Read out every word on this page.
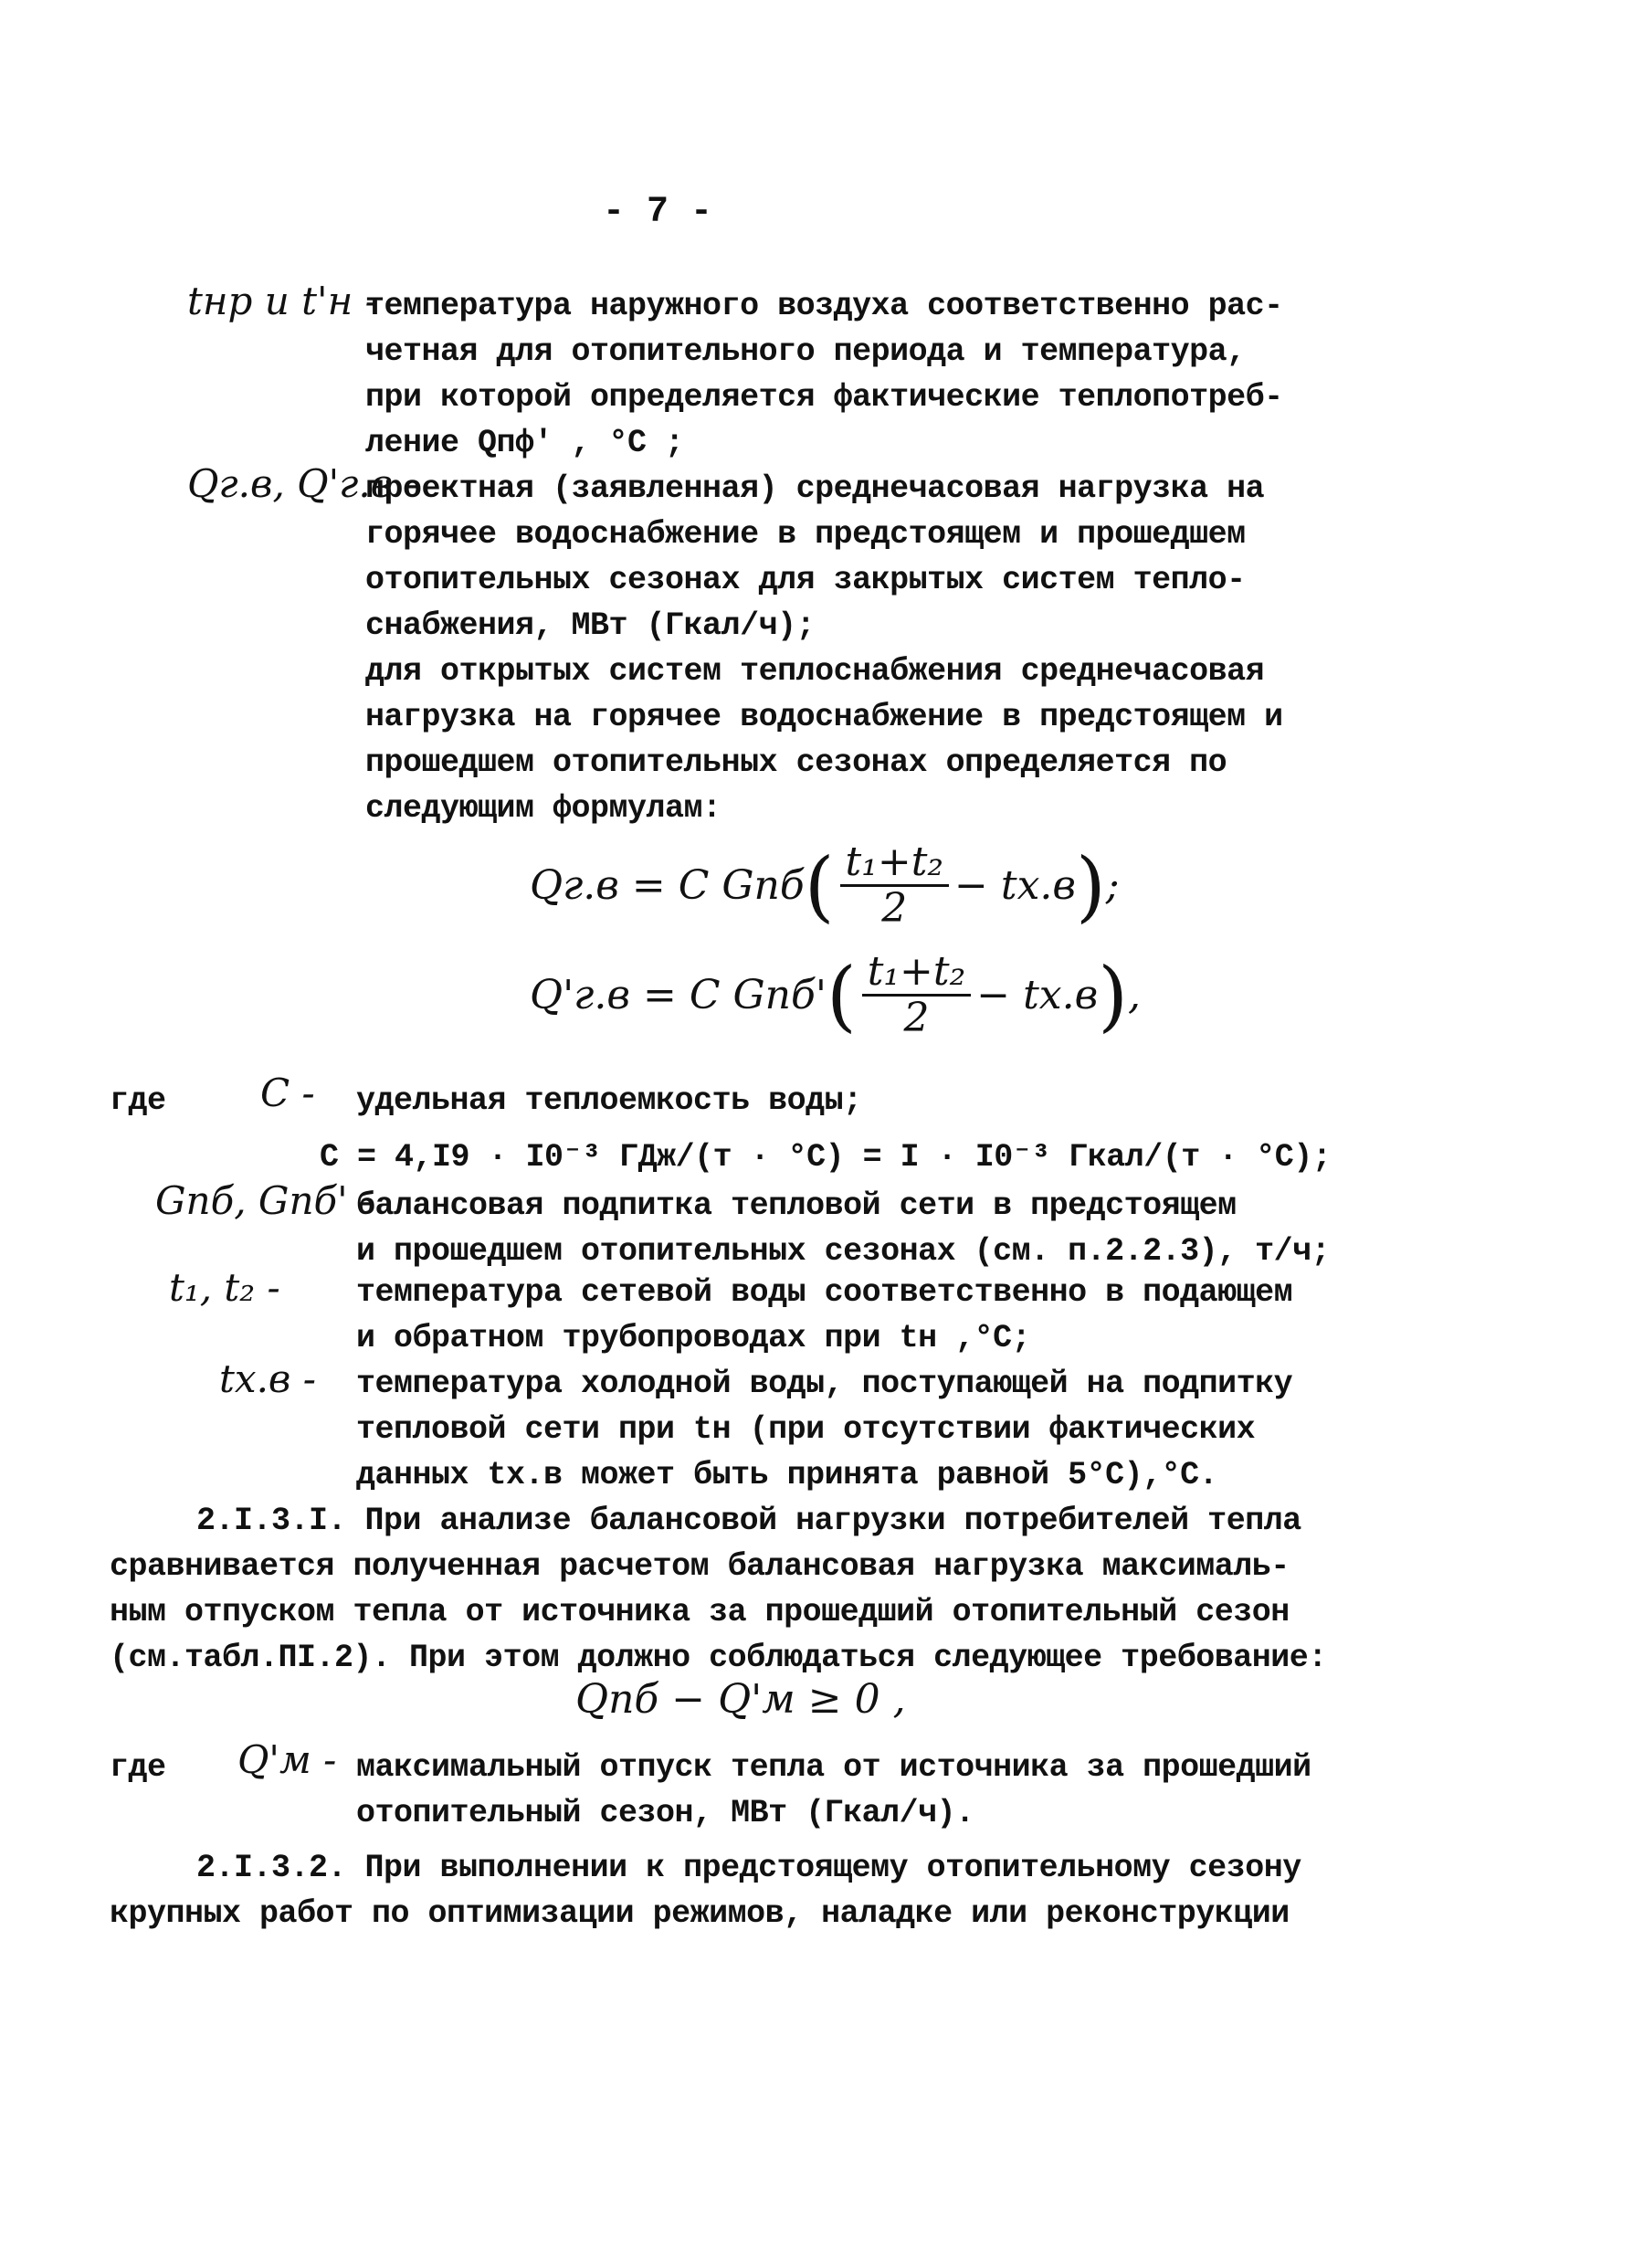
- 7 -
tнр и t'н -
температура наружного воздуха соответственно рас-
четная для отопительного периода и температура,
при которой определяется фактические теплопотреб-
ление Qпф' , °C ;
Qг.в, Q'г.в -
проектная (заявленная) среднечасовая нагрузка на
горячее водоснабжение в предстоящем и прошедшем
отопительных сезонах для закрытых систем тепло-
снабжения, МВт (Гкал/ч);
для открытых систем теплоснабжения среднечасовая
нагрузка на горячее водоснабжение в предстоящем и
прошедшем отопительных сезонах определяется по
следующим формулам:
Qг.в = C Gпб ( $\frac{\text{t₁+t₂}}{2} - tх.в$ ) ;
Q'г.в = C Gпб' ( $\frac{\text{t₁+t₂}}{2} - tх.в$ ) ,
где C - удельная теплоемкость воды;
C = 4,I9 · I0⁻³ ГДж/(т · °C) = I · I0⁻³ Гкал/(т · °C);
Gпб, Gпб' -
балансовая подпитка тепловой сети в предстоящем
и прошедшем отопительных сезонах (см. п.2.2.3), т/ч;
t₁, t₂ - температура сетевой воды соответственно в подающем
и обратном трубопроводах при tн ,°C;
tх.в - температура холодной воды, поступающей на подпитку
тепловой сети при tн (при отсутствии фактических
данных tх.в может быть принята равной 5°C),°C.
2.I.3.I. При анализе балансовой нагрузки потребителей тепла
сравнивается полученная расчетом балансовая нагрузка максималь-
ным отпуском тепла от источника за прошедший отопительный сезон
(см.табл.ПI.2). При этом должно соблюдаться следующее требование:
Qпб − Q'м ≥ 0 ,
где Q'м - максимальный отпуск тепла от источника за прошедший
отопительный сезон, МВт (Гкал/ч).
2.I.3.2. При выполнении к предстоящему отопительному сезону
крупных работ по оптимизации режимов, наладке или реконструкции
